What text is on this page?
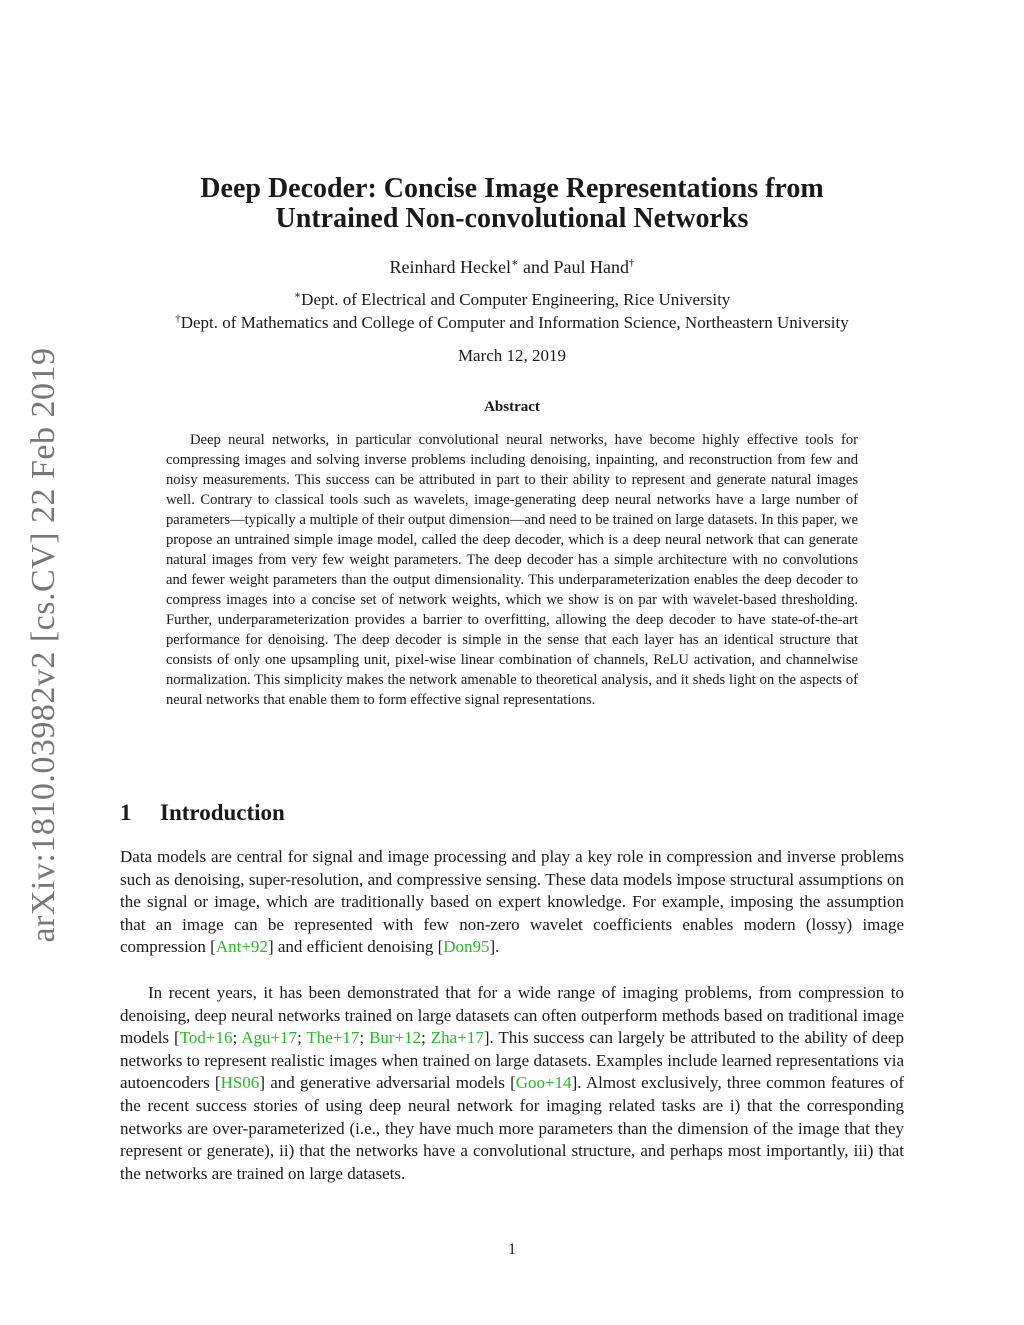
arXiv:1810.03982v2 [cs.CV] 22 Feb 2019
Deep Decoder: Concise Image Representations from
Untrained Non-convolutional Networks
Reinhard Heckel∗ and Paul Hand†
∗Dept. of Electrical and Computer Engineering, Rice University
†Dept. of Mathematics and College of Computer and Information Science, Northeastern University
March 12, 2019
Abstract

Deep neural networks, in particular convolutional neural networks, have become highly effective tools for compressing images and solving inverse problems including denoising, inpainting, and reconstruction from few and noisy measurements. This success can be attributed in part to their ability to represent and generate natural images well. Contrary to classical tools such as wavelets, image-generating deep neural networks have a large number of parameters—typically a multiple of their output dimension—and need to be trained on large datasets. In this paper, we propose an untrained simple image model, called the deep decoder, which is a deep neural network that can generate natural images from very few weight parameters. The deep decoder has a simple architecture with no convolutions and fewer weight parameters than the output dimensionality. This underparameterization enables the deep decoder to compress images into a concise set of network weights, which we show is on par with wavelet-based thresholding. Further, underparameterization provides a barrier to overfitting, allowing the deep decoder to have state-of-the-art performance for denoising. The deep decoder is simple in the sense that each layer has an identical structure that consists of only one upsampling unit, pixel-wise linear combination of channels, ReLU activation, and channelwise normalization. This simplicity makes the network amenable to theoretical analysis, and it sheds light on the aspects of neural networks that enable them to form effective signal representations.

1 Introduction

Data models are central for signal and image processing and play a key role in compression and inverse problems such as denoising, super-resolution, and compressive sensing. These data models impose structural assumptions on the signal or image, which are traditionally based on expert knowledge. For example, imposing the assumption that an image can be represented with few non-zero wavelet coefficients enables modern (lossy) image compression [Ant+92] and efficient denoising [Don95].

In recent years, it has been demonstrated that for a wide range of imaging problems, from compression to denoising, deep neural networks trained on large datasets can often outperform methods based on traditional image models [Tod+16; Agu+17; The+17; Bur+12; Zha+17]. This success can largely be attributed to the ability of deep networks to represent realistic images when trained on large datasets. Examples include learned representations via autoencoders [HS06] and generative adversarial models [Goo+14]. Almost exclusively, three common features of the recent success stories of using deep neural network for imaging related tasks are i) that the corresponding networks are over-parameterized (i.e., they have much more parameters than the dimension of the image that they represent or generate), ii) that the networks have a convolutional structure, and perhaps most importantly, iii) that the networks are trained on large datasets.

1
